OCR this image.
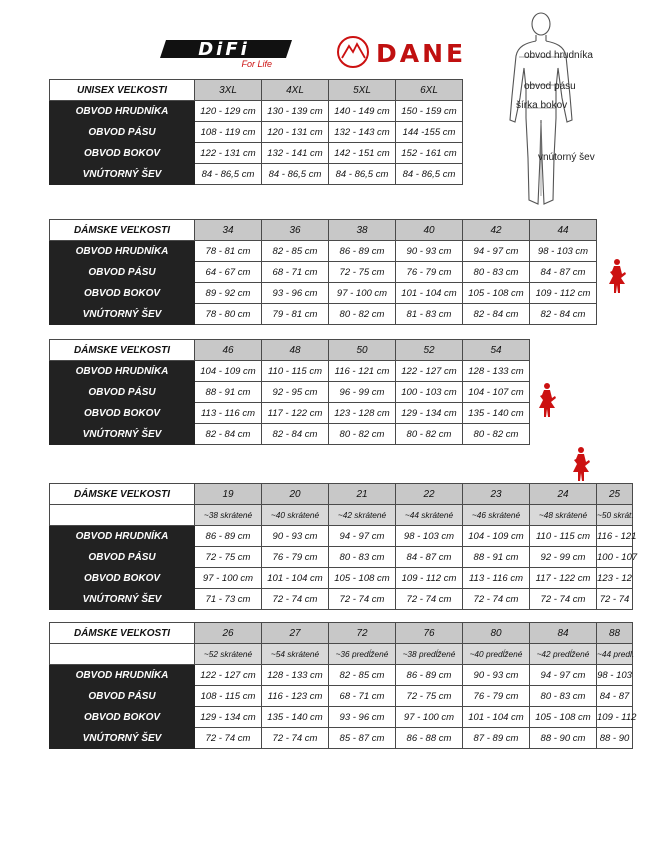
DiFi
For Life	DANE	obvod hrudníka
obvod pásu
šírka bokov
vnútorný šev
UNISEX VEĽKOSTI	3XL	4XL	5XL	6XL
OBVOD HRUDNÍKA	120 - 129 cm	130 - 139 cm	140 - 149 cm	150 - 159 cm
OBVOD PÁSU	108 - 119 cm	120 - 131 cm	132 - 143 cm	144 -155 cm
OBVOD BOKOV	122 - 131 cm	132 - 141 cm	142 - 151 cm	152 - 161 cm
VNÚTORNÝ ŠEV	84 - 86,5 cm	84 - 86,5 cm	84 - 86,5 cm	84 - 86,5 cm
DÁMSKE VEĽKOSTI	34	36	38	40	42	44
OBVOD HRUDNÍKA	78 - 81 cm	82 - 85 cm	86 - 89 cm	90 - 93 cm	94 - 97 cm	98 - 103 cm
OBVOD PÁSU	64 - 67 cm	68 - 71 cm	72 - 75 cm	76 - 79 cm	80 - 83 cm	84 - 87 cm
OBVOD BOKOV	89 - 92 cm	93 - 96 cm	97 - 100 cm	101 - 104 cm	105 - 108 cm	109 - 112 cm
VNÚTORNÝ ŠEV	78 - 80 cm	79 - 81 cm	80 - 82 cm	81 - 83 cm	82 - 84 cm	82 - 84 cm
DÁMSKE VEĽKOSTI	46	48	50	52	54
OBVOD HRUDNÍKA	104 - 109 cm	110 - 115 cm	116 - 121 cm	122 - 127 cm	128 - 133 cm
OBVOD PÁSU	88 - 91 cm	92 - 95 cm	96 - 99 cm	100 - 103 cm	104 - 107 cm
OBVOD BOKOV	113 - 116 cm	117 - 122 cm	123 - 128 cm	129 - 134 cm	135 - 140 cm
VNÚTORNÝ ŠEV	82 - 84 cm	82 - 84 cm	80 - 82 cm	80 - 82 cm	80 - 82 cm
DÁMSKE VEĽKOSTI	19	20	21	22	23	24	25
	~38 skrátené	~40 skrátené	~42 skrátené	~44 skrátené	~46 skrátené	~48 skrátené	~50 skrát.
OBVOD HRUDNÍKA	86 - 89 cm	90 - 93 cm	94 - 97 cm	98 - 103 cm	104 - 109 cm	110 - 115 cm	116 - 121
OBVOD PÁSU	72 - 75 cm	76 - 79 cm	80 - 83 cm	84 - 87 cm	88 - 91 cm	92 - 99 cm	100 - 107
OBVOD BOKOV	97 - 100 cm	101 - 104 cm	105 - 108 cm	109 - 112 cm	113 - 116 cm	117 - 122 cm	123 - 12
VNÚTORNÝ ŠEV	71 - 73 cm	72 - 74 cm	72 - 74 cm	72 - 74 cm	72 - 74 cm	72 - 74 cm	72 - 74
DÁMSKE VEĽKOSTI	26	27	72	76	80	84	88
	~52 skrátené	~54 skrátené	~36 predĺžené	~38 predĺžené	~40 predĺžené	~42 predĺžené	~44 predl.
OBVOD HRUDNÍKA	122 - 127 cm	128 - 133 cm	82 - 85 cm	86 - 89 cm	90 - 93 cm	94 - 97 cm	98 - 103
OBVOD PÁSU	108 - 115 cm	116 - 123 cm	68 - 71 cm	72 - 75 cm	76 - 79 cm	80 - 83 cm	84 - 87
OBVOD BOKOV	129 - 134 cm	135 - 140 cm	93 - 96 cm	97 - 100 cm	101 - 104 cm	105 - 108 cm	109 - 112
VNÚTORNÝ ŠEV	72 - 74 cm	72 - 74 cm	85 - 87 cm	86 - 88 cm	87 - 89 cm	88 - 90 cm	88 - 90
